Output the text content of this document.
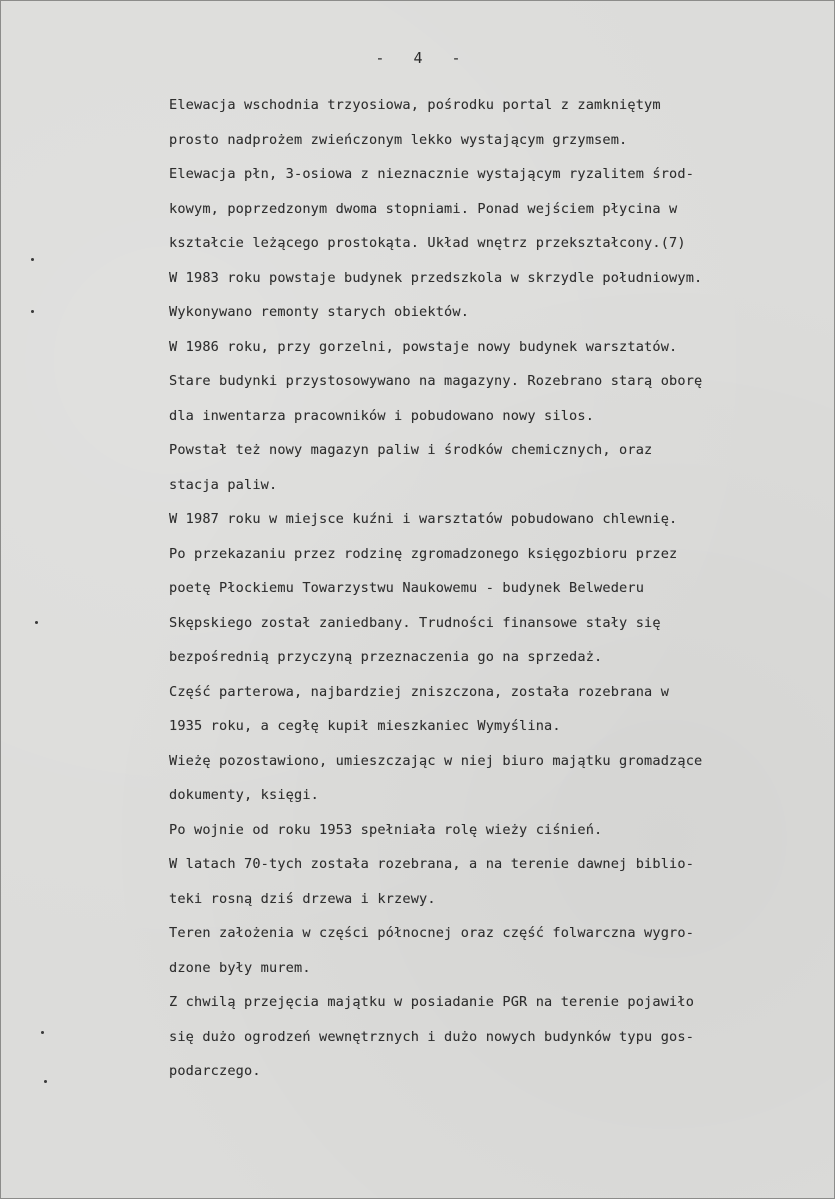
- 4 -
Elewacja wschodnia trzyosiowa, pośrodku portal z zamkniętym
prosto nadprożem zwieńczonym lekko wystającym grzymsem.
Elewacja płn, 3-osiowa z nieznacznie wystającym ryzalitem środ-
kowym, poprzedzonym dwoma stopniami. Ponad wejściem płycina w
kształcie leżącego prostokąta. Układ wnętrz przekształcony.(7)
W 1983 roku powstaje budynek przedszkola w skrzydle południowym.
Wykonywano remonty starych obiektów.
W 1986 roku, przy gorzelni, powstaje nowy budynek warsztatów.
Stare budynki przystosowywano na magazyny. Rozebrano starą oborę
dla inwentarza pracowników i pobudowano nowy silos.
Powstał też nowy magazyn paliw i środków chemicznych, oraz
stacja paliw.
W 1987 roku w miejsce kuźni i warsztatów pobudowano chlewnię.
Po przekazaniu przez rodzinę zgromadzonego księgozbioru przez
poetę Płockiemu Towarzystwu Naukowemu - budynek Belwederu
Skępskiego został zaniedbany. Trudności finansowe stały się
bezpośrednią przyczyną przeznaczenia go na sprzedaż.
Część parterowa, najbardziej zniszczona, została rozebrana w
1935 roku, a cegłę kupił mieszkaniec Wymyślina.
Wieżę pozostawiono, umieszczając w niej biuro majątku gromadzące
dokumenty, księgi.
Po wojnie od roku 1953 spełniała rolę wieży ciśnień.
W latach 70-tych została rozebrana, a na terenie dawnej biblio-
teki rosną dziś drzewa i krzewy.
Teren założenia w części północnej oraz część folwarczna wygro-
dzone były murem.
Z chwilą przejęcia majątku w posiadanie PGR na terenie pojawiło
się dużo ogrodzeń wewnętrznych i dużo nowych budynków typu gos-
podarczego.
